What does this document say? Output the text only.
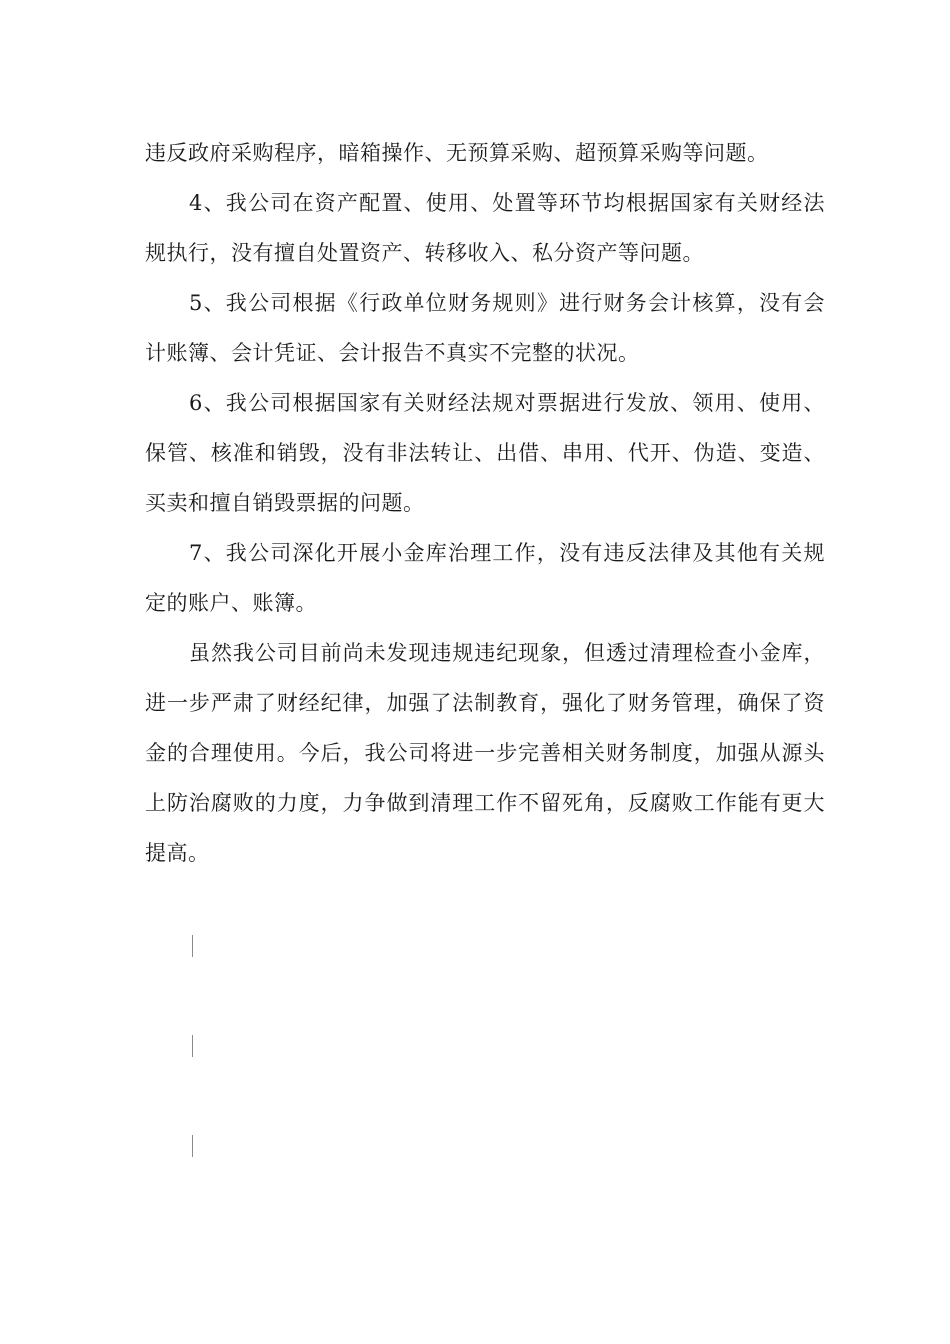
违反政府采购程序，暗箱操作、无预算采购、超预算采购等问题。

4、我公司在资产配置、使用、处置等环节均根据国家有关财经法规执行，没有擅自处置资产、转移收入、私分资产等问题。

5、我公司根据《行政单位财务规则》进行财务会计核算，没有会计账簿、会计凭证、会计报告不真实不完整的状况。

6、我公司根据国家有关财经法规对票据进行发放、领用、使用、保管、核准和销毁，没有非法转让、出借、串用、代开、伪造、变造、买卖和擅自销毁票据的问题。

7、我公司深化开展小金库治理工作，没有违反法律及其他有关规定的账户、账簿。

虽然我公司目前尚未发现违规违纪现象，但透过清理检查小金库，进一步严肃了财经纪律，加强了法制教育，强化了财务管理，确保了资金的合理使用。今后，我公司将进一步完善相关财务制度，加强从源头上防治腐败的力度，力争做到清理工作不留死角，反腐败工作能有更大提高。
